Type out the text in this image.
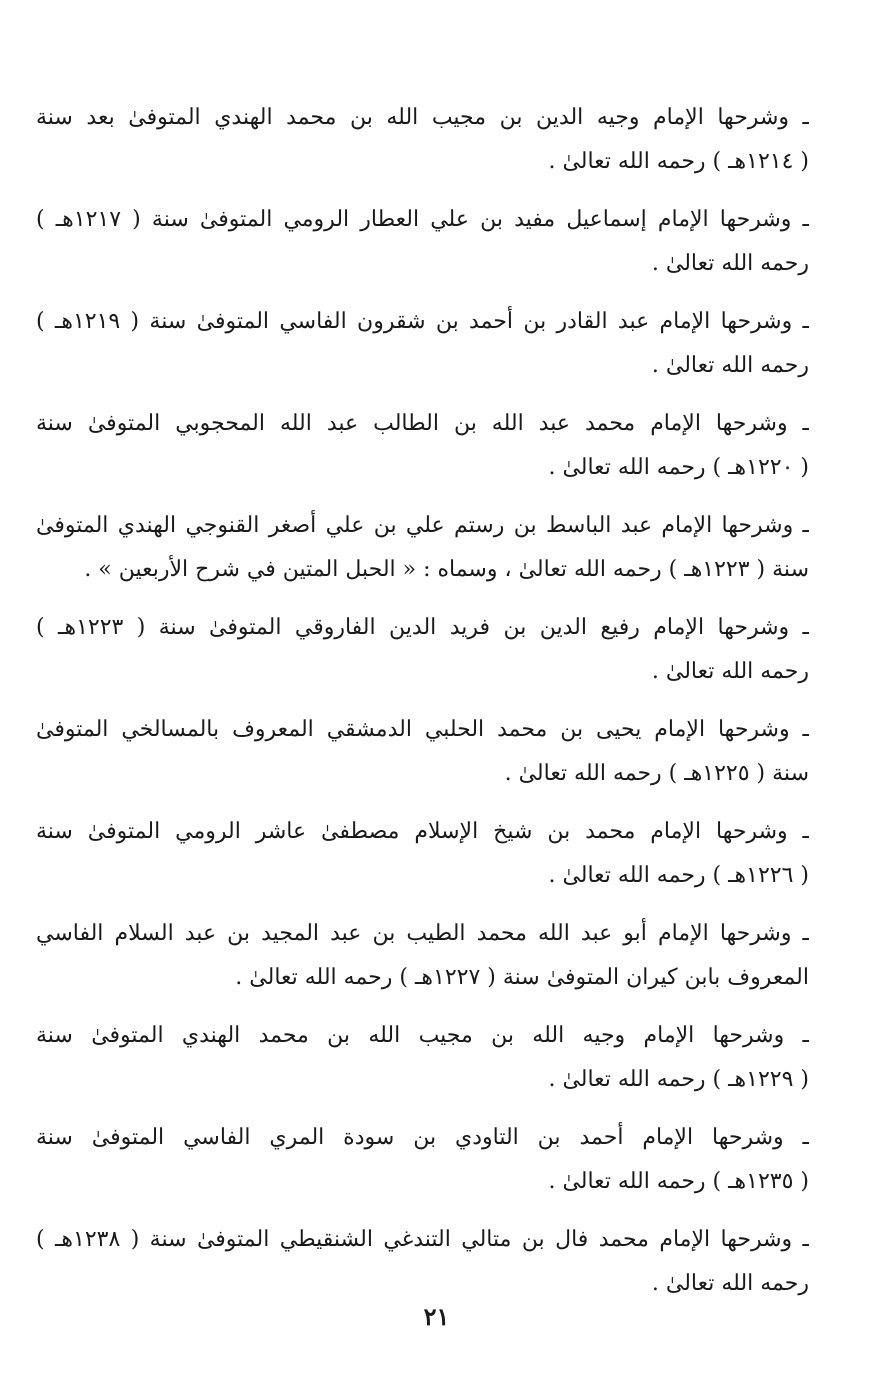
ـ وشرحها الإمام وجيه الدين بن مجيب الله بن محمد الهندي المتوفىٰ بعد سنة
( ١٢١٤هـ ) رحمه الله تعالىٰ .
ـ وشرحها الإمام إسماعيل مفيد بن علي العطار الرومي المتوفىٰ سنة ( ١٢١٧هـ )
رحمه الله تعالىٰ .
ـ وشرحها الإمام عبد القادر بن أحمد بن شقرون الفاسي المتوفىٰ سنة ( ١٢١٩هـ )
رحمه الله تعالىٰ .
ـ وشرحها الإمام محمد عبد الله بن الطالب عبد الله المحجوبي المتوفىٰ سنة
( ١٢٢٠هـ ) رحمه الله تعالىٰ .
ـ وشرحها الإمام عبد الباسط بن رستم علي بن علي أصغر القنوجي الهندي المتوفىٰ
سنة ( ١٢٢٣هـ ) رحمه الله تعالىٰ ، وسماه : « الحبل المتين في شرح الأربعين » .
ـ وشرحها الإمام رفيع الدين بن فريد الدين الفاروقي المتوفىٰ سنة ( ١٢٢٣هـ )
رحمه الله تعالىٰ .
ـ وشرحها الإمام يحيى بن محمد الحلبي الدمشقي المعروف بالمسالخي المتوفىٰ
سنة ( ١٢٢٥هـ ) رحمه الله تعالىٰ .
ـ وشرحها الإمام محمد بن شيخ الإسلام مصطفىٰ عاشر الرومي المتوفىٰ سنة
( ١٢٢٦هـ ) رحمه الله تعالىٰ .
ـ وشرحها الإمام أبو عبد الله محمد الطيب بن عبد المجيد بن عبد السلام الفاسي
المعروف بابن كيران المتوفىٰ سنة ( ١٢٢٧هـ ) رحمه الله تعالىٰ .
ـ وشرحها الإمام وجيه الله بن مجيب الله بن محمد الهندي المتوفىٰ سنة
( ١٢٢٩هـ ) رحمه الله تعالىٰ .
ـ وشرحها الإمام أحمد بن التاودي بن سودة المري الفاسي المتوفىٰ سنة
( ١٢٣٥هـ ) رحمه الله تعالىٰ .
ـ وشرحها الإمام محمد فال بن متالي التندغي الشنقيطي المتوفىٰ سنة ( ١٢٣٨هـ )
رحمه الله تعالىٰ .
٢١
